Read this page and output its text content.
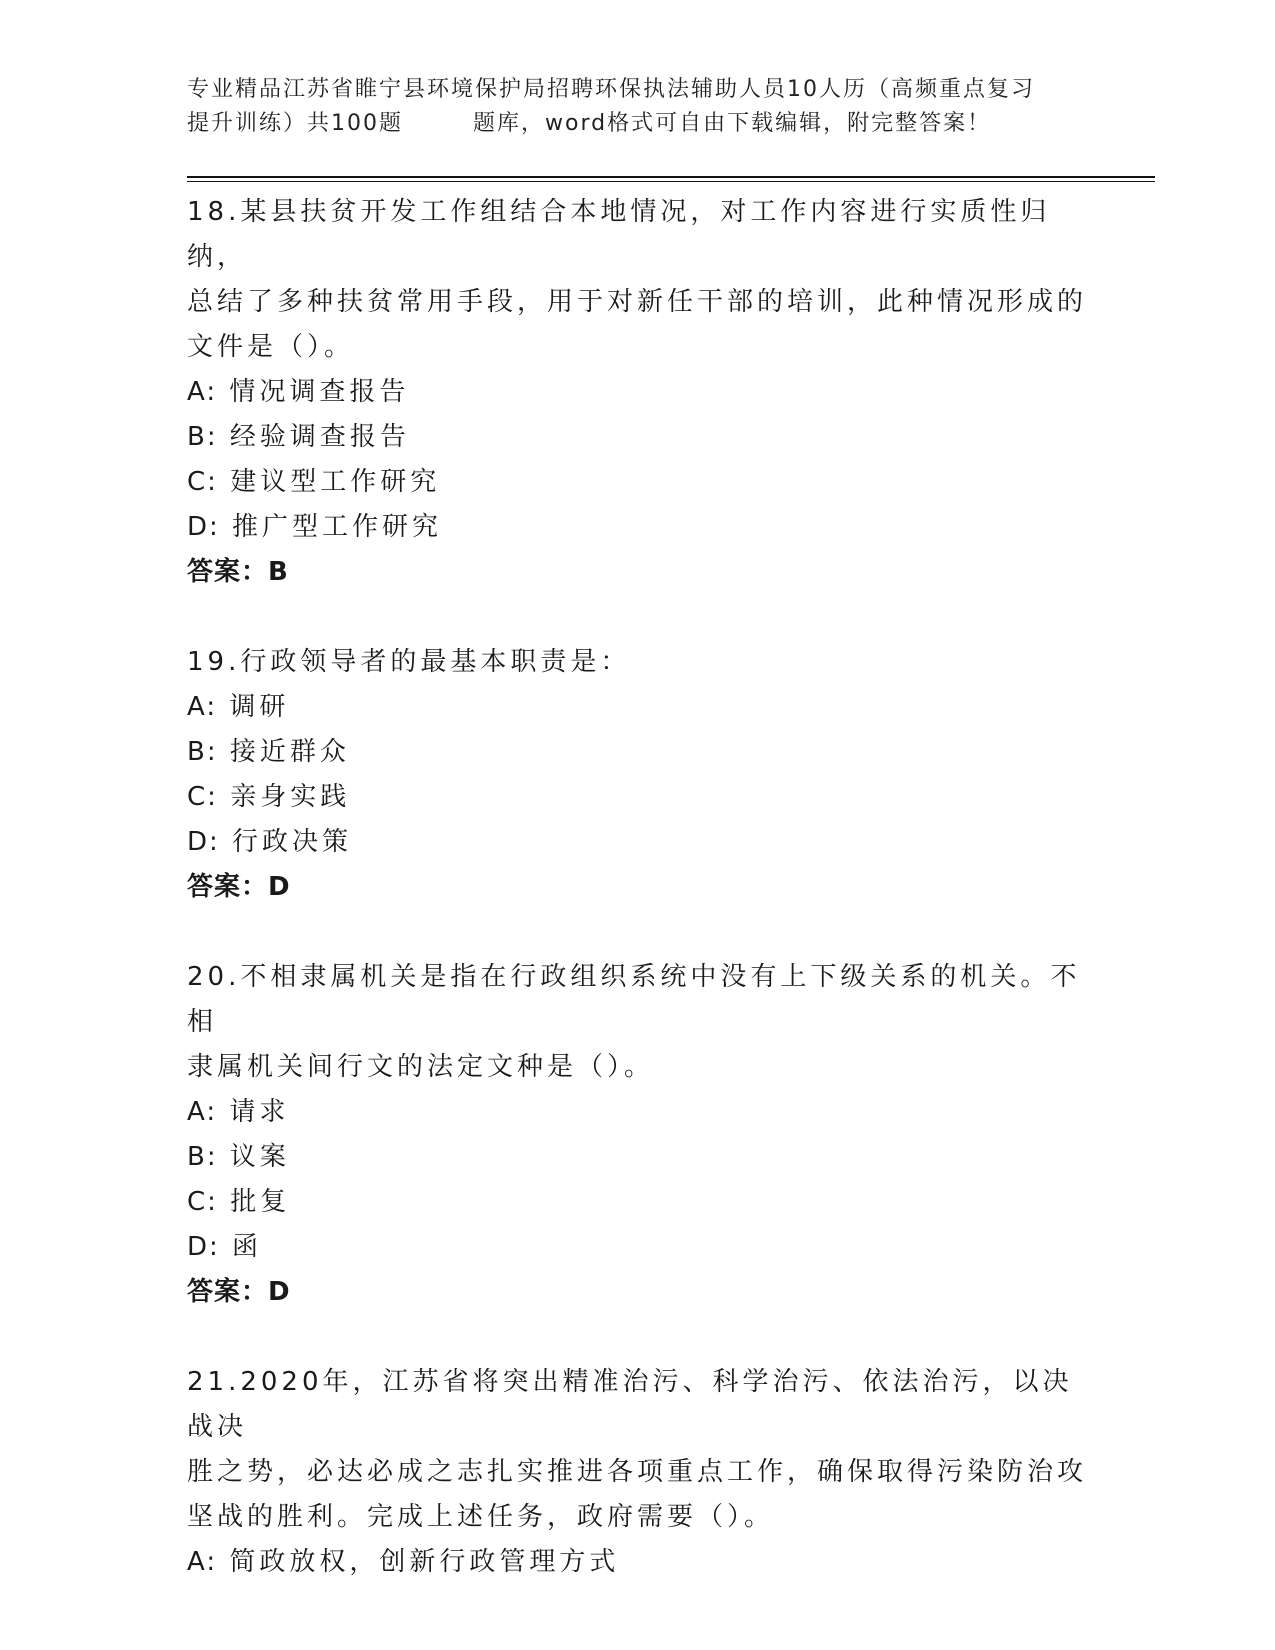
专业精品江苏省睢宁县环境保护局招聘环保执法辅助人员10人历（高频重点复习
提升训练）共100题	题库，word格式可自由下载编辑，附完整答案！
18.某县扶贫开发工作组结合本地情况，对工作内容进行实质性归纳，
总结了多种扶贫常用手段，用于对新任干部的培训，此种情况形成的
文件是（）。
A: 情况调查报告
B: 经验调查报告
C: 建议型工作研究
D: 推广型工作研究
答案：B
19.行政领导者的最基本职责是：
A: 调研
B: 接近群众
C: 亲身实践
D: 行政决策
答案：D
20.不相隶属机关是指在行政组织系统中没有上下级关系的机关。不相
隶属机关间行文的法定文种是（）。
A: 请求
B: 议案
C: 批复
D: 函
答案：D
21.2020年，江苏省将突出精准治污、科学治污、依法治污，以决战决
胜之势，必达必成之志扎实推进各项重点工作，确保取得污染防治攻
坚战的胜利。完成上述任务，政府需要（）。
A: 简政放权，创新行政管理方式
